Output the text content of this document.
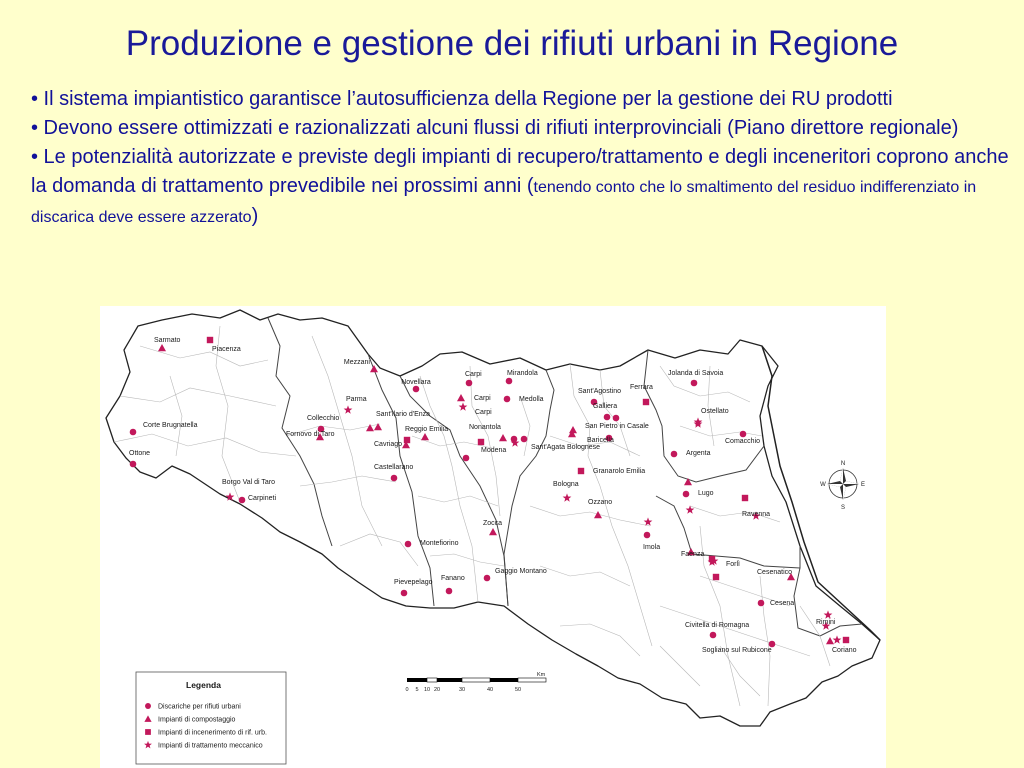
Produzione e gestione dei rifiuti urbani in Regione

• Il sistema impiantistico garantisce l’autosufficienza della Regione per la gestione dei RU prodotti

• Devono essere ottimizzati e razionalizzati alcuni flussi di rifiuti interprovinciali (Piano direttore regionale)

• Le potenzialità autorizzate e previste degli impianti di recupero/trattamento e degli inceneritori coprono anche la domanda di trattamento prevedibile nei prossimi anni (tenendo conto che lo smaltimento del residuo indifferenziato in discarica deve essere azzerato)

Sarmato
Piacenza
Mezzani
Carpi	Mirandola
Novellara
Carpi
Carpi
Medolla
Sant'Agostino
Ferrara
Jolanda di Savoia
Parma
Collecchio
Sant'Ilario d'Enza
Galliera
Ostellato
Corte Brugnatella
Fornovo di Taro
Reggio Emilia
Cavriago
Nonantola
Modena	Sant'Agata Bolognese
San Pietro in Casale
Baricella	Comacchio
Ottone	Argenta
Granarolo Emilia
Castellarano
Bologna
Lugo
Borgo Val di Taro
Carpineti
Ozzano
Ravenna
Imola
Zocca
Montefiorino
Faenza
Forlì
Gaggio Montano	Cesenatico
Pievepelago
Fanano
Cesena
Rimini
Civitella di Romagna
Sogliano sul Rubicone	Coriano
N
S
E
W
Km
0 5 10 20	30	40	50
Legenda
Discariche per rifiuti urbani
Impianti di compostaggio
Impianti di incenerimento di rif. urb.
Impianti di trattamento meccanico
